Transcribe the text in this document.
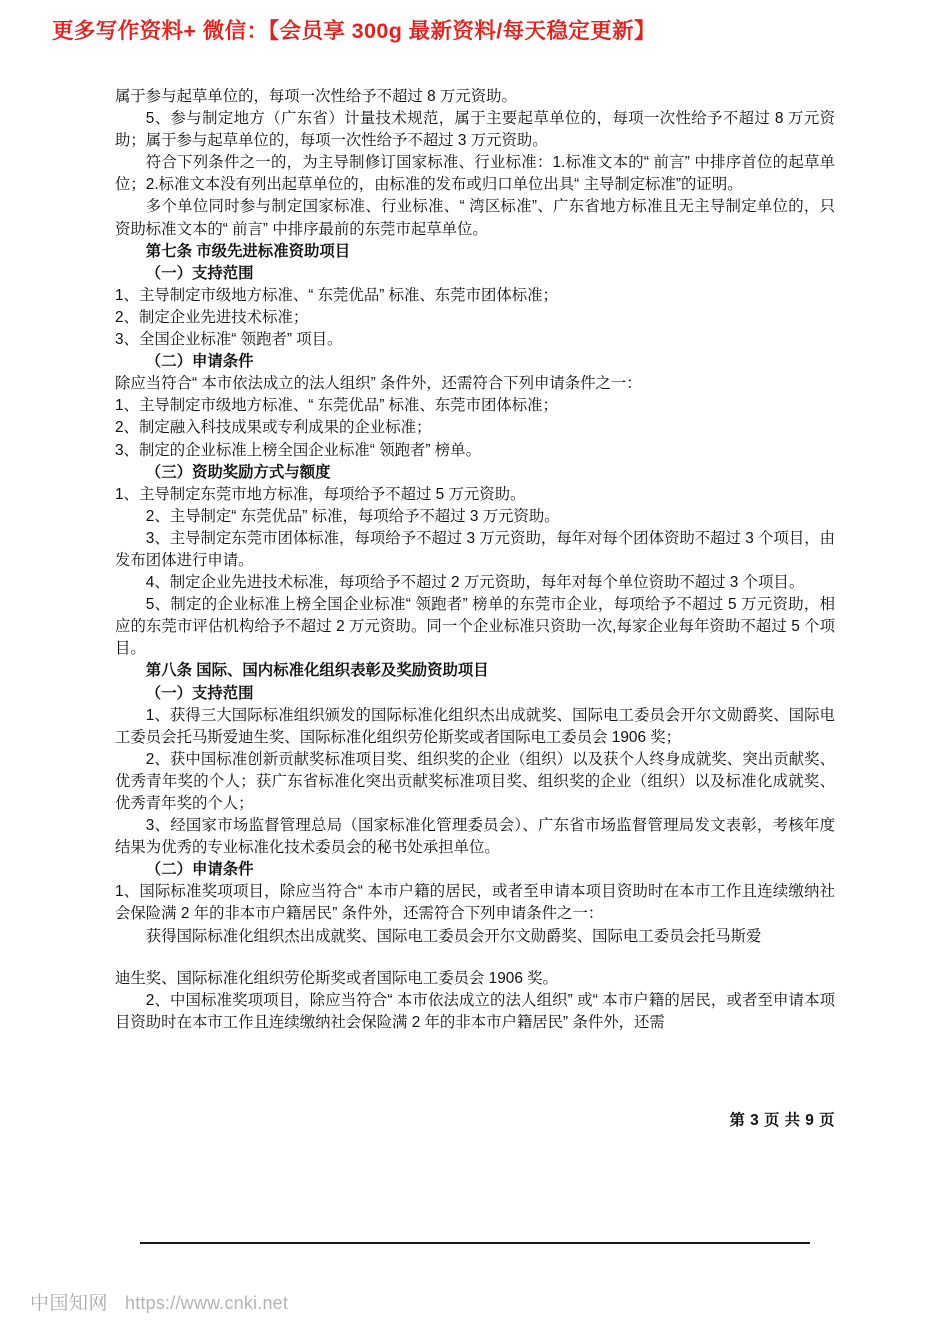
更多写作资料+ 微信：【会员享 300g 最新资料/每天稳定更新】

属于参与起草单位的，每项一次性给予不超过 8 万元资助。

5、参与制定地方（广东省）计量技术规范，属于主要起草单位的，每项一次性给予不超过 8 万元资助；属于参与起草单位的，每项一次性给予不超过 3 万元资助。

符合下列条件之一的，为主导制修订国家标准、行业标准：1.标准文本的“ 前言” 中排序首位的起草单位；2.标准文本没有列出起草单位的，由标准的发布或归口单位出具“ 主导制定标准”的证明。

多个单位同时参与制定国家标准、行业标准、“ 湾区标准”、广东省地方标准且无主导制定单位的，只资助标准文本的“ 前言” 中排序最前的东莞市起草单位。

第七条 市级先进标准资助项目

（一）支持范围

1、主导制定市级地方标准、“ 东莞优品” 标准、东莞市团体标准；

2、制定企业先进技术标准；

3、全国企业标准“ 领跑者” 项目。

（二）申请条件

除应当符合“ 本市依法成立的法人组织” 条件外，还需符合下列申请条件之一：

1、主导制定市级地方标准、“ 东莞优品” 标准、东莞市团体标准；

2、制定融入科技成果或专利成果的企业标准；

3、制定的企业标准上榜全国企业标准“ 领跑者” 榜单。

（三）资助奖励方式与额度

1、主导制定东莞市地方标准，每项给予不超过 5 万元资助。

2、主导制定“ 东莞优品” 标准，每项给予不超过 3 万元资助。

3、主导制定东莞市团体标准，每项给予不超过 3 万元资助，每年对每个团体资助不超过 3 个项目，由发布团体进行申请。

4、制定企业先进技术标准，每项给予不超过 2 万元资助，每年对每个单位资助不超过 3 个项目。

5、制定的企业标准上榜全国企业标准“ 领跑者” 榜单的东莞市企业，每项给予不超过 5 万元资助，相应的东莞市评估机构给予不超过 2 万元资助。同一个企业标准只资助一次,每家企业每年资助不超过 5 个项目。

第八条 国际、国内标准化组织表彰及奖励资助项目

（一）支持范围

1、获得三大国际标准组织颁发的国际标准化组织杰出成就奖、国际电工委员会开尔文勋爵奖、国际电工委员会托马斯爱迪生奖、国际标准化组织劳伦斯奖或者国际电工委员会 1906 奖；

2、获中国标准创新贡献奖标准项目奖、组织奖的企业（组织）以及获个人终身成就奖、突出贡献奖、优秀青年奖的个人；获广东省标准化突出贡献奖标准项目奖、组织奖的企业（组织）以及标准化成就奖、优秀青年奖的个人；

3、经国家市场监督管理总局（国家标准化管理委员会）、广东省市场监督管理局发文表彰，考核年度结果为优秀的专业标准化技术委员会的秘书处承担单位。

（二）申请条件

1、国际标准奖项项目，除应当符合“ 本市户籍的居民，或者至申请本项目资助时在本市工作且连续缴纳社会保险满 2 年的非本市户籍居民” 条件外，还需符合下列申请条件之一：

获得国际标准化组织杰出成就奖、国际电工委员会开尔文勋爵奖、国际电工委员会托马斯爱

迪生奖、国际标准化组织劳伦斯奖或者国际电工委员会 1906 奖。

2、中国标准奖项项目，除应当符合“ 本市依法成立的法人组织” 或“ 本市户籍的居民，或者至申请本项目资助时在本市工作且连续缴纳社会保险满 2 年的非本市户籍居民” 条件外，还需

第 3 页 共 9 页
中国知网 https://www.cnki.net
